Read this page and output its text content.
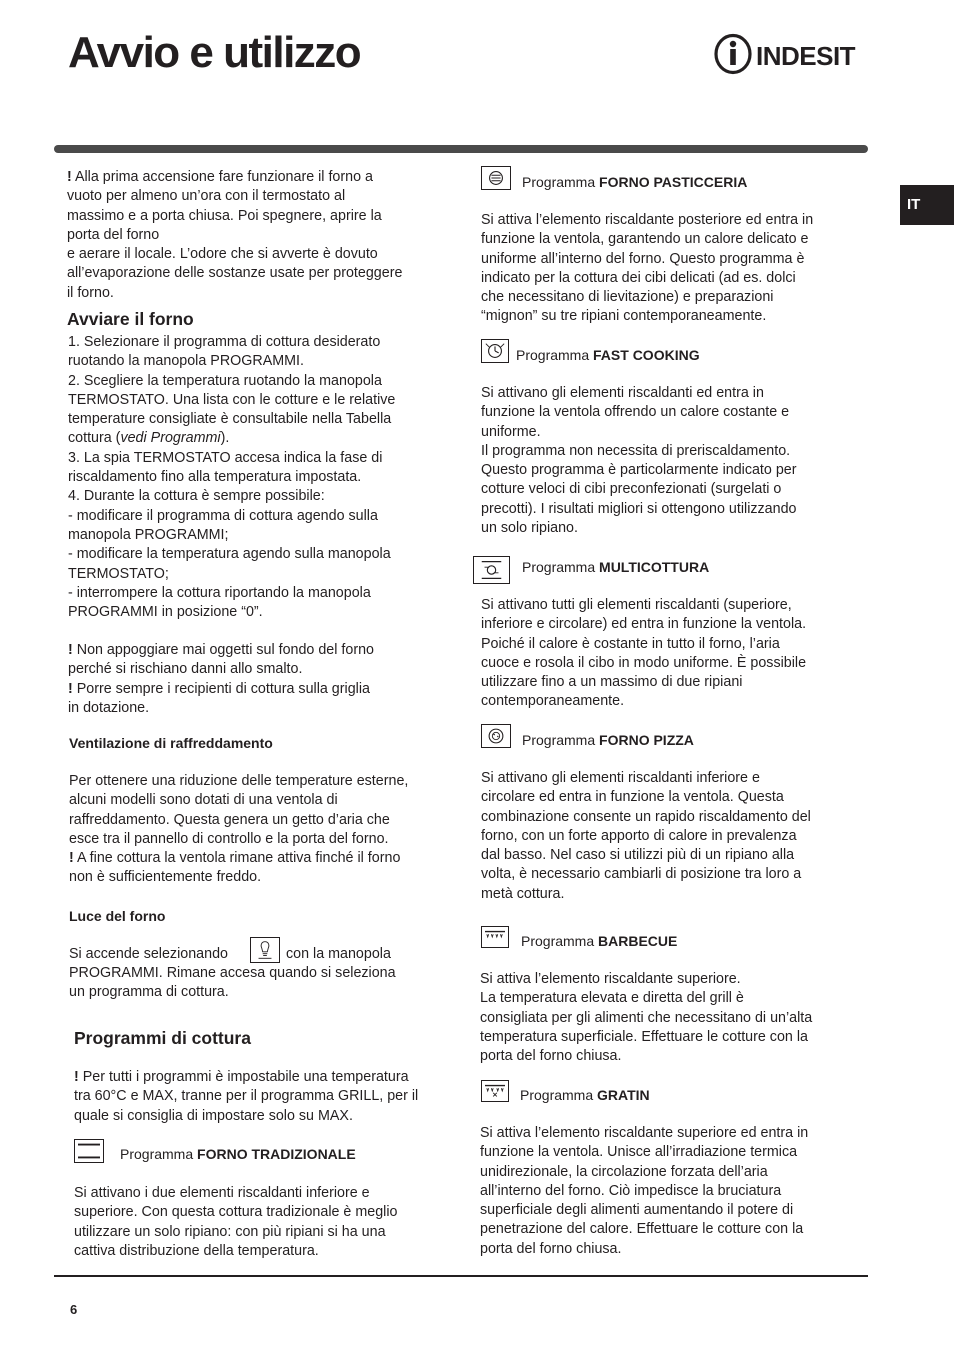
Avvio e utilizzo	INDESIT
IT

! Alla prima accensione fare funzionare il forno a

vuoto per almeno un’ora con il termostato al

massimo e a porta chiusa. Poi spegnere, aprire la

porta del forno

e aerare il locale. L’odore che si avverte è dovuto

all’evaporazione delle sostanze usate per proteggere

il forno.

Avviare il forno

1. Selezionare il programma di cottura desiderato

ruotando la manopola PROGRAMMI.

2. Scegliere la temperatura ruotando la manopola

TERMOSTATO. Una lista con le cotture e le relative

temperature consigliate è consultabile nella Tabella

cottura (vedi Programmi).

3. La spia TERMOSTATO accesa indica la fase di

riscaldamento fino alla temperatura impostata.

4. Durante la cottura è sempre possibile:

- modificare il programma di cottura agendo sulla

manopola PROGRAMMI;

- modificare la temperatura agendo sulla manopola

TERMOSTATO;

- interrompere la cottura riportando la manopola

PROGRAMMI in posizione “0”.

! Non appoggiare mai oggetti sul fondo del forno

perché si rischiano danni allo smalto.

! Porre sempre i recipienti di cottura sulla griglia

in dotazione.

Ventilazione di raffreddamento

Per ottenere una riduzione delle temperature esterne,

alcuni modelli sono dotati di una ventola di

raffreddamento. Questa genera un getto d’aria che

esce tra il pannello di controllo e la porta del forno.

! A fine cottura la ventola rimane attiva finché il forno

non è sufficientemente freddo.

Luce del forno
Si accende selezionando	con la manopola

PROGRAMMI. Rimane accesa quando si seleziona

un programma di cottura.

Programmi di cottura

! Per tutti i programmi è impostabile una temperatura

tra 60°C e MAX, tranne per il programma GRILL, per il

quale si consiglia di impostare solo su MAX.

Programma FORNO TRADIZIONALE

Si attivano i due elementi riscaldanti inferiore e

superiore. Con questa cottura tradizionale è meglio

utilizzare un solo ripiano: con più ripiani si ha una

cattiva distribuzione della temperatura.

Programma FORNO PASTICCERIA

Si attiva l’elemento riscaldante posteriore ed entra in

funzione la ventola, garantendo un calore delicato e

uniforme all’interno del forno. Questo programma è

indicato per la cottura dei cibi delicati (ad es. dolci

che necessitano di lievitazione) e preparazioni

“mignon” su tre ripiani contemporaneamente.

Programma FAST COOKING

Si attivano gli elementi riscaldanti ed entra in

funzione la ventola offrendo un calore costante e

uniforme.

Il programma non necessita di preriscaldamento.

Questo programma è particolarmente indicato per

cotture veloci di cibi preconfezionati (surgelati o

precotti). I risultati migliori si ottengono utilizzando

un solo ripiano.

Programma MULTICOTTURA

Si attivano tutti gli elementi riscaldanti (superiore,

inferiore e circolare) ed entra in funzione la ventola.

Poiché il calore è costante in tutto il forno, l’aria

cuoce e rosola il cibo in modo uniforme. È possibile

utilizzare fino a un massimo di due ripiani

contemporaneamente.

Programma FORNO PIZZA

Si attivano gli elementi riscaldanti inferiore e

circolare ed entra in funzione la ventola. Questa

combinazione consente un rapido riscaldamento del

forno, con un forte apporto di calore in prevalenza

dal basso. Nel caso si utilizzi più di un ripiano alla

volta, è necessario cambiarli di posizione tra loro a

metà cottura.

Programma BARBECUE

Si attiva l’elemento riscaldante superiore.

La temperatura elevata e diretta del grill è

consigliata per gli alimenti che necessitano di un’alta

temperatura superficiale. Effettuare le cotture con la

porta del forno chiusa.

Programma GRATIN

Si attiva l’elemento riscaldante superiore ed entra in

funzione la ventola. Unisce all’irradiazione termica

unidirezionale, la circolazione forzata dell’aria

all’interno del forno. Ciò impedisce la bruciatura

superficiale degli alimenti aumentando il potere di

penetrazione del calore. Effettuare le cotture con la

porta del forno chiusa.

6
